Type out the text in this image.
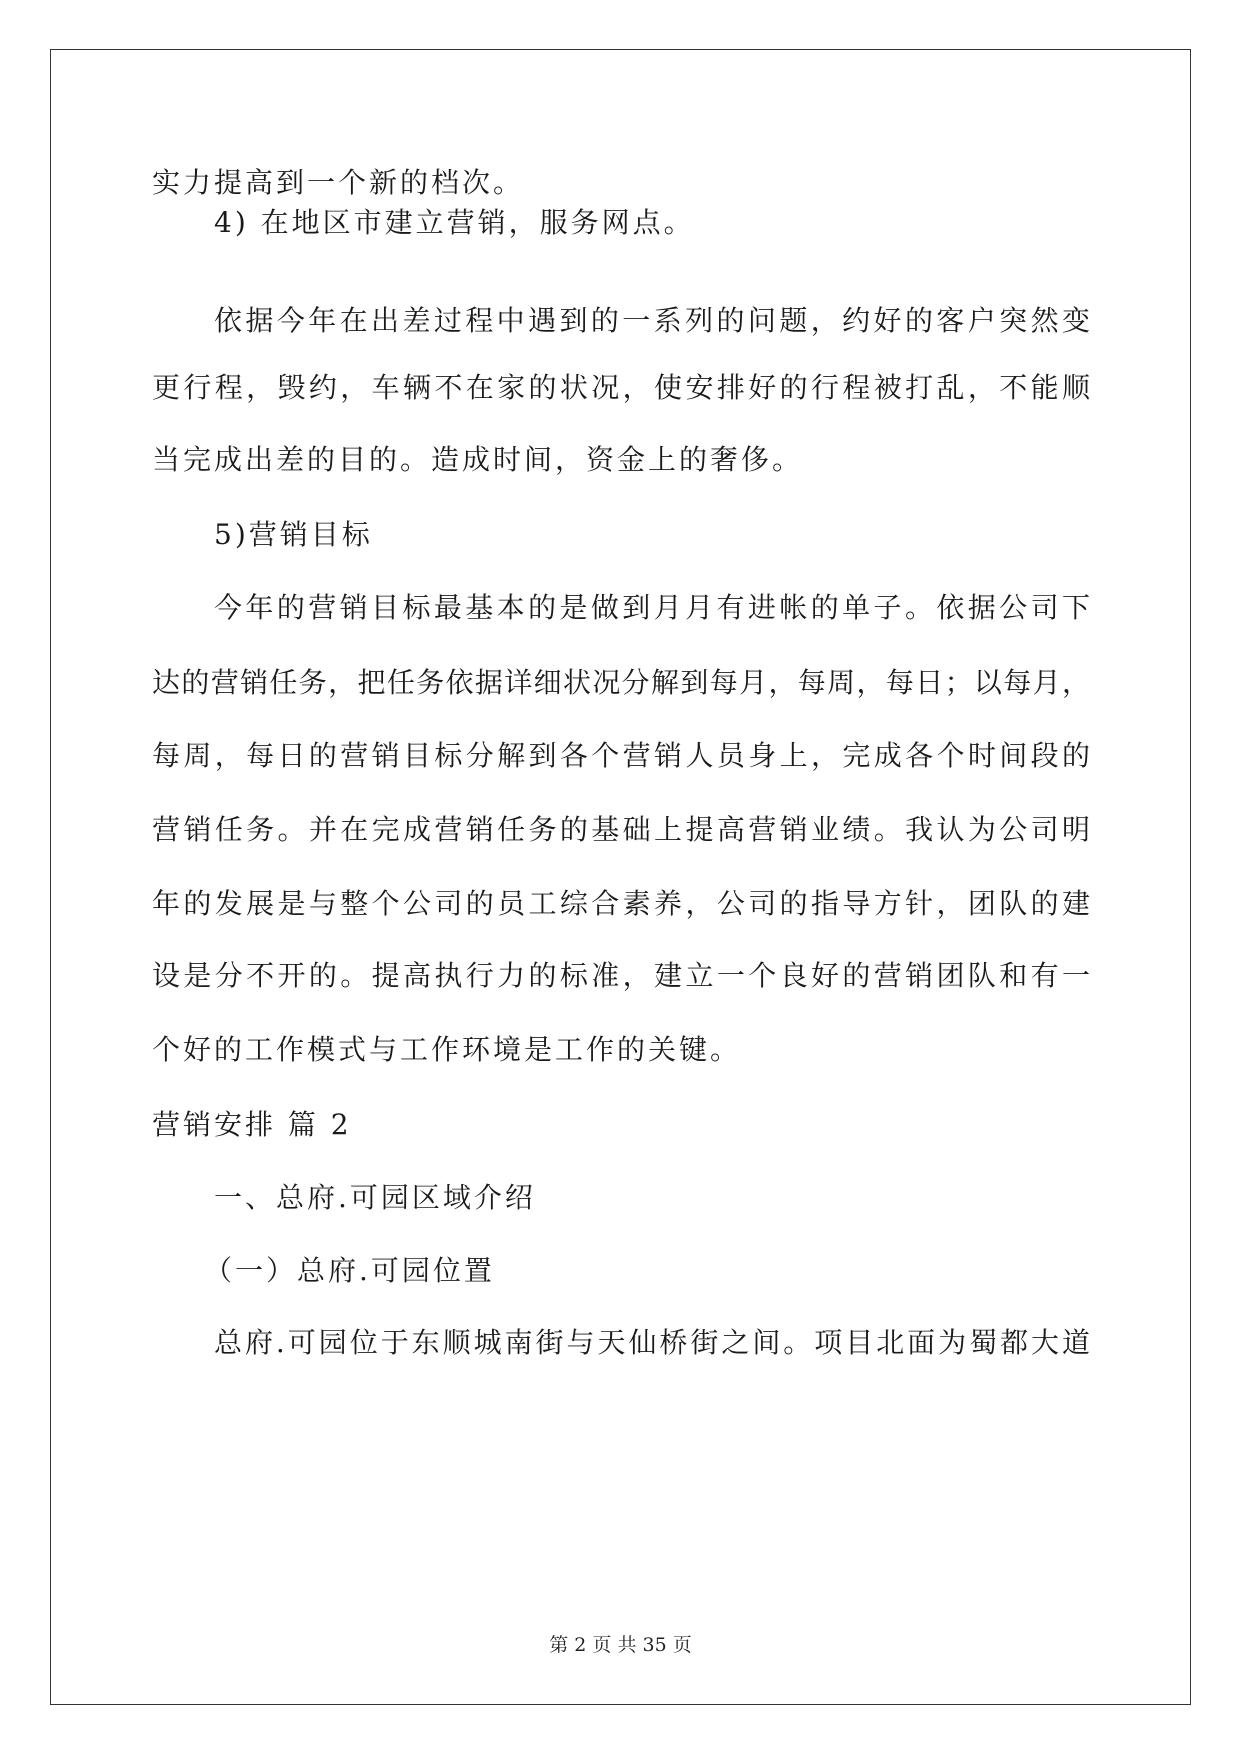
实力提高到一个新的档次。
4) 在地区市建立营销，服务网点。
依据今年在出差过程中遇到的一系列的问题，约好的客户突然变
更行程，毁约，车辆不在家的状况，使安排好的行程被打乱，不能顺
当完成出差的目的。造成时间，资金上的奢侈。
5)营销目标
今年的营销目标最基本的是做到月月有进帐的单子。依据公司下
达的营销任务，把任务依据详细状况分解到每月，每周，每日；以每月，
每周，每日的营销目标分解到各个营销人员身上，完成各个时间段的
营销任务。并在完成营销任务的基础上提高营销业绩。我认为公司明
年的发展是与整个公司的员工综合素养，公司的指导方针，团队的建
设是分不开的。提高执行力的标准，建立一个良好的营销团队和有一
个好的工作模式与工作环境是工作的关键。
营销安排 篇 2
一、总府.可园区域介绍
（一）总府.可园位置
总府.可园位于东顺城南街与天仙桥街之间。项目北面为蜀都大道
第 2 页 共 35 页
